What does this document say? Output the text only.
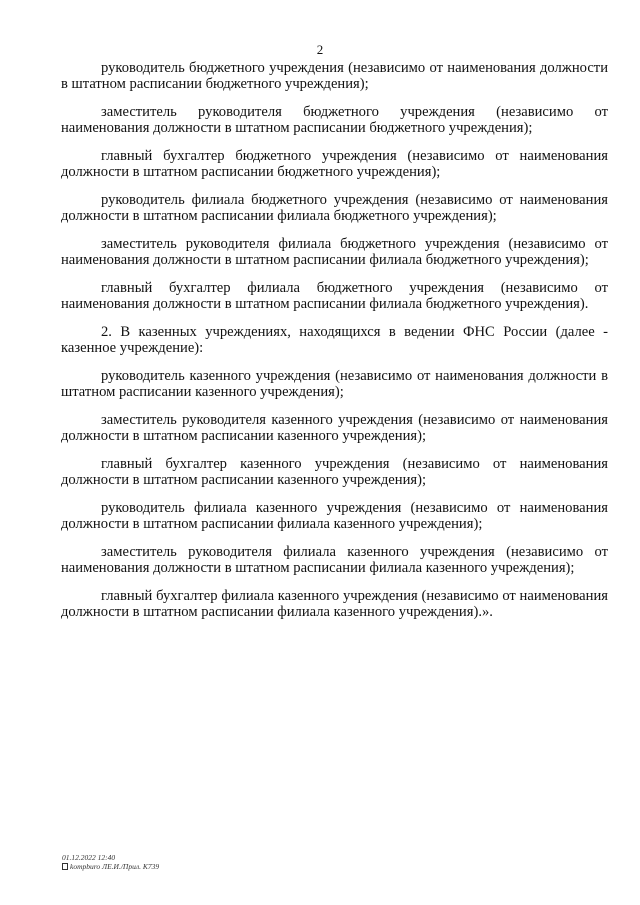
2

руководитель бюджетного учреждения (независимо от наименования должности в штатном расписании бюджетного учреждения);

заместитель руководителя бюджетного учреждения (независимо от наименования должности в штатном расписании бюджетного учреждения);

главный бухгалтер бюджетного учреждения (независимо от наименования должности в штатном расписании бюджетного учреждения);

руководитель филиала бюджетного учреждения (независимо от наименования должности в штатном расписании филиала бюджетного учреждения);

заместитель руководителя филиала бюджетного учреждения (независимо от наименования должности в штатном расписании филиала бюджетного учреждения);

главный бухгалтер филиала бюджетного учреждения (независимо от наименования должности в штатном расписании филиала бюджетного учреждения).

2. В казенных учреждениях, находящихся в ведении ФНС России (далее - казенное учреждение):

руководитель казенного учреждения (независимо от наименования должности в штатном расписании казенного учреждения);

заместитель руководителя казенного учреждения (независимо от наименования должности в штатном расписании казенного учреждения);

главный бухгалтер казенного учреждения (независимо от наименования должности в штатном расписании казенного учреждения);

руководитель филиала казенного учреждения (независимо от наименования должности в штатном расписании филиала казенного учреждения);

заместитель руководителя филиала казенного учреждения (независимо от наименования должности в штатном расписании филиала казенного учреждения);

главный бухгалтер филиала казенного учреждения (независимо от наименования должности в штатном расписании филиала казенного учреждения).».

01.12.2022 12:40
kompburo ЛЕ.И./Прил. К739
